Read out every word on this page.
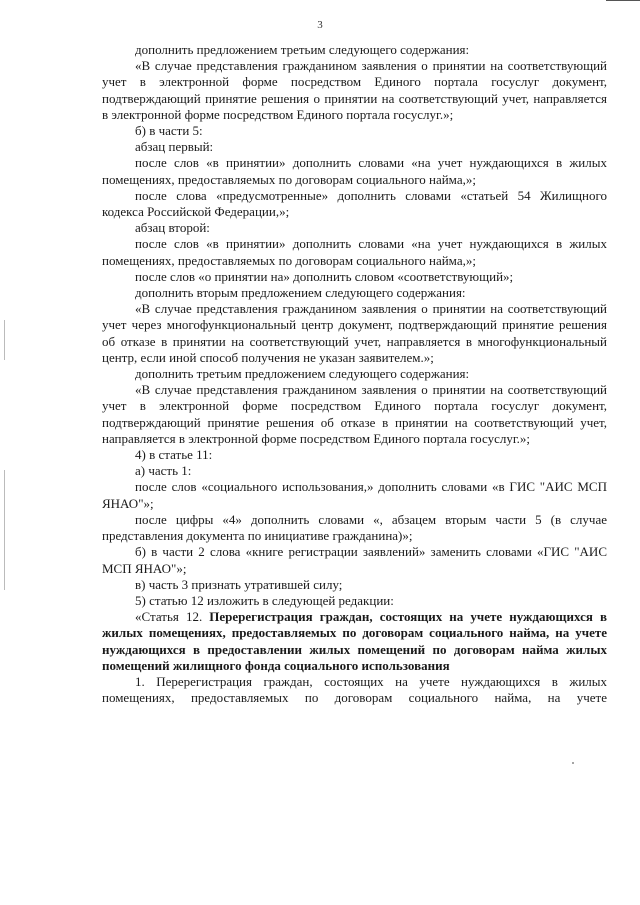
3

дополнить предложением третьим следующего содержания:

«В случае представления гражданином заявления о принятии на соответствующий учет в электронной форме посредством Единого портала госуслуг документ, подтверждающий принятие решения о принятии на соответствующий учет, направляется в электронной форме посредством Единого портала госуслуг.»;

б) в части 5:

абзац первый:

после слов «в принятии» дополнить словами «на учет нуждающихся в жилых помещениях, предоставляемых по договорам социального найма,»;

после слова «предусмотренные» дополнить словами «статьей 54 Жилищного кодекса Российской Федерации,»;

абзац второй:

после слов «в принятии» дополнить словами «на учет нуждающихся в жилых помещениях, предоставляемых по договорам социального найма,»;

после слов «о принятии на» дополнить словом «соответствующий»;

дополнить вторым предложением следующего содержания:

«В случае представления гражданином заявления о принятии на соответствующий учет через многофункциональный центр документ, подтверждающий принятие решения об отказе в принятии на соответствующий учет, направляется в многофункциональный центр, если иной способ получения не указан заявителем.»;

дополнить третьим предложением следующего содержания:

«В случае представления гражданином заявления о принятии на соответствующий учет в электронной форме посредством Единого портала госуслуг документ, подтверждающий принятие решения об отказе в принятии на соответствующий учет, направляется в электронной форме посредством Единого портала госуслуг.»;

4) в статье 11:

а) часть 1:

после слов «социального использования,» дополнить словами «в ГИС "АИС МСП ЯНАО"»;

после цифры «4» дополнить словами «, абзацем вторым части 5 (в случае представления документа по инициативе гражданина)»;

б) в части 2 слова «книге регистрации заявлений» заменить словами «ГИС "АИС МСП ЯНАО"»;

в) часть 3 признать утратившей силу;

5) статью 12 изложить в следующей редакции:

«Статья 12. Перерегистрация граждан, состоящих на учете нуждающихся в жилых помещениях, предоставляемых по договорам социального найма, на учете нуждающихся в предоставлении жилых помещений по договорам найма жилых помещений жилищного фонда социального использования

1. Перерегистрация граждан, состоящих на учете нуждающихся в жилых помещениях, предоставляемых по договорам социального найма, на учете
